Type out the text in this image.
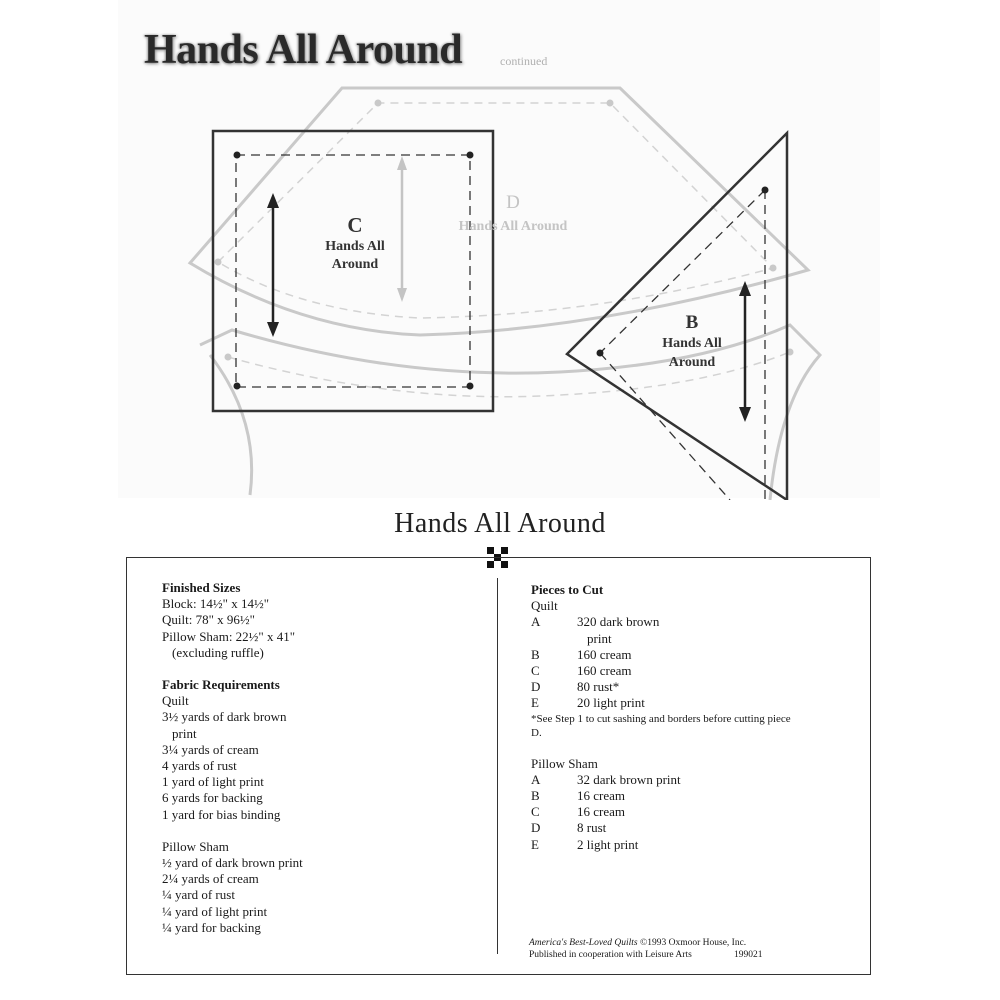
C
Hands All
Around
D
Hands All Around
B
Hands All
Around
Hands All Around	continued
Hands All Around
Finished Sizes
Block: 14½" x 14½"
Quilt: 78" x 96½"
Pillow Sham: 22½" x 41"
(excluding ruffle)
Fabric Requirements
Quilt
3½ yards of dark brown
print
3¼ yards of cream
4 yards of rust
1 yard of light print
6 yards for backing
1 yard for bias binding
Pillow Sham
½ yard of dark brown print
2¼ yards of cream
¼ yard of rust
¼ yard of light print
¼ yard for backing
Pieces to Cut
Quilt
A	320 dark brown
print
B	160 cream
C	160 cream
D	80 rust*
E	20 light print
*See Step 1 to cut sashing and borders before cutting piece
D.
Pillow Sham
A	32 dark brown print
B	16 cream
C	16 cream
D	8 rust
E	2 light print
America's Best-Loved Quilts ©1993 Oxmoor House, Inc.
Published in cooperation with Leisure Arts	199021
